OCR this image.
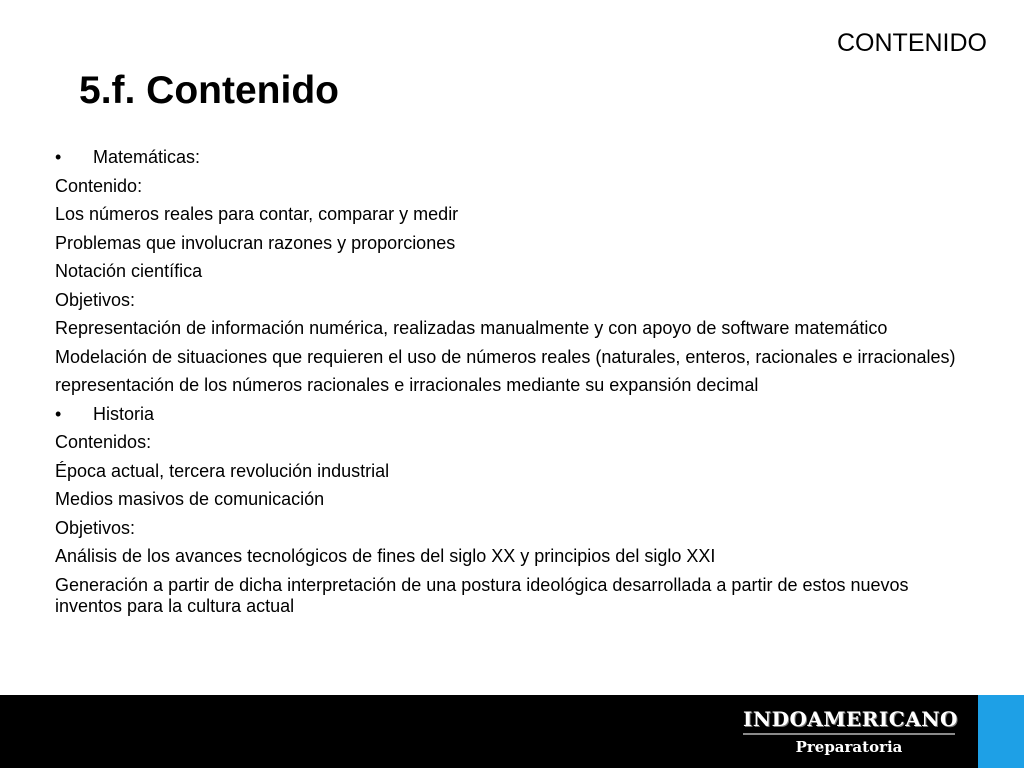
CONTENIDO
5.f. Contenido
• Matemáticas:
Contenido:
Los números reales para contar, comparar y medir
Problemas que involucran razones y proporciones
Notación científica
Objetivos:
Representación de información numérica, realizadas manualmente y con apoyo de software matemático
Modelación de situaciones que requieren el uso de números reales (naturales, enteros, racionales e irracionales)
representación de los números racionales e irracionales mediante su expansión decimal
• Historia
Contenidos:
Época actual, tercera revolución industrial
Medios masivos de comunicación
Objetivos:
Análisis de los avances tecnológicos de fines del siglo XX y principios del siglo XXI
Generación a partir de dicha interpretación de una postura ideológica desarrollada a partir de estos nuevos inventos para la cultura actual
INDOAMERICANO
Preparatoria
